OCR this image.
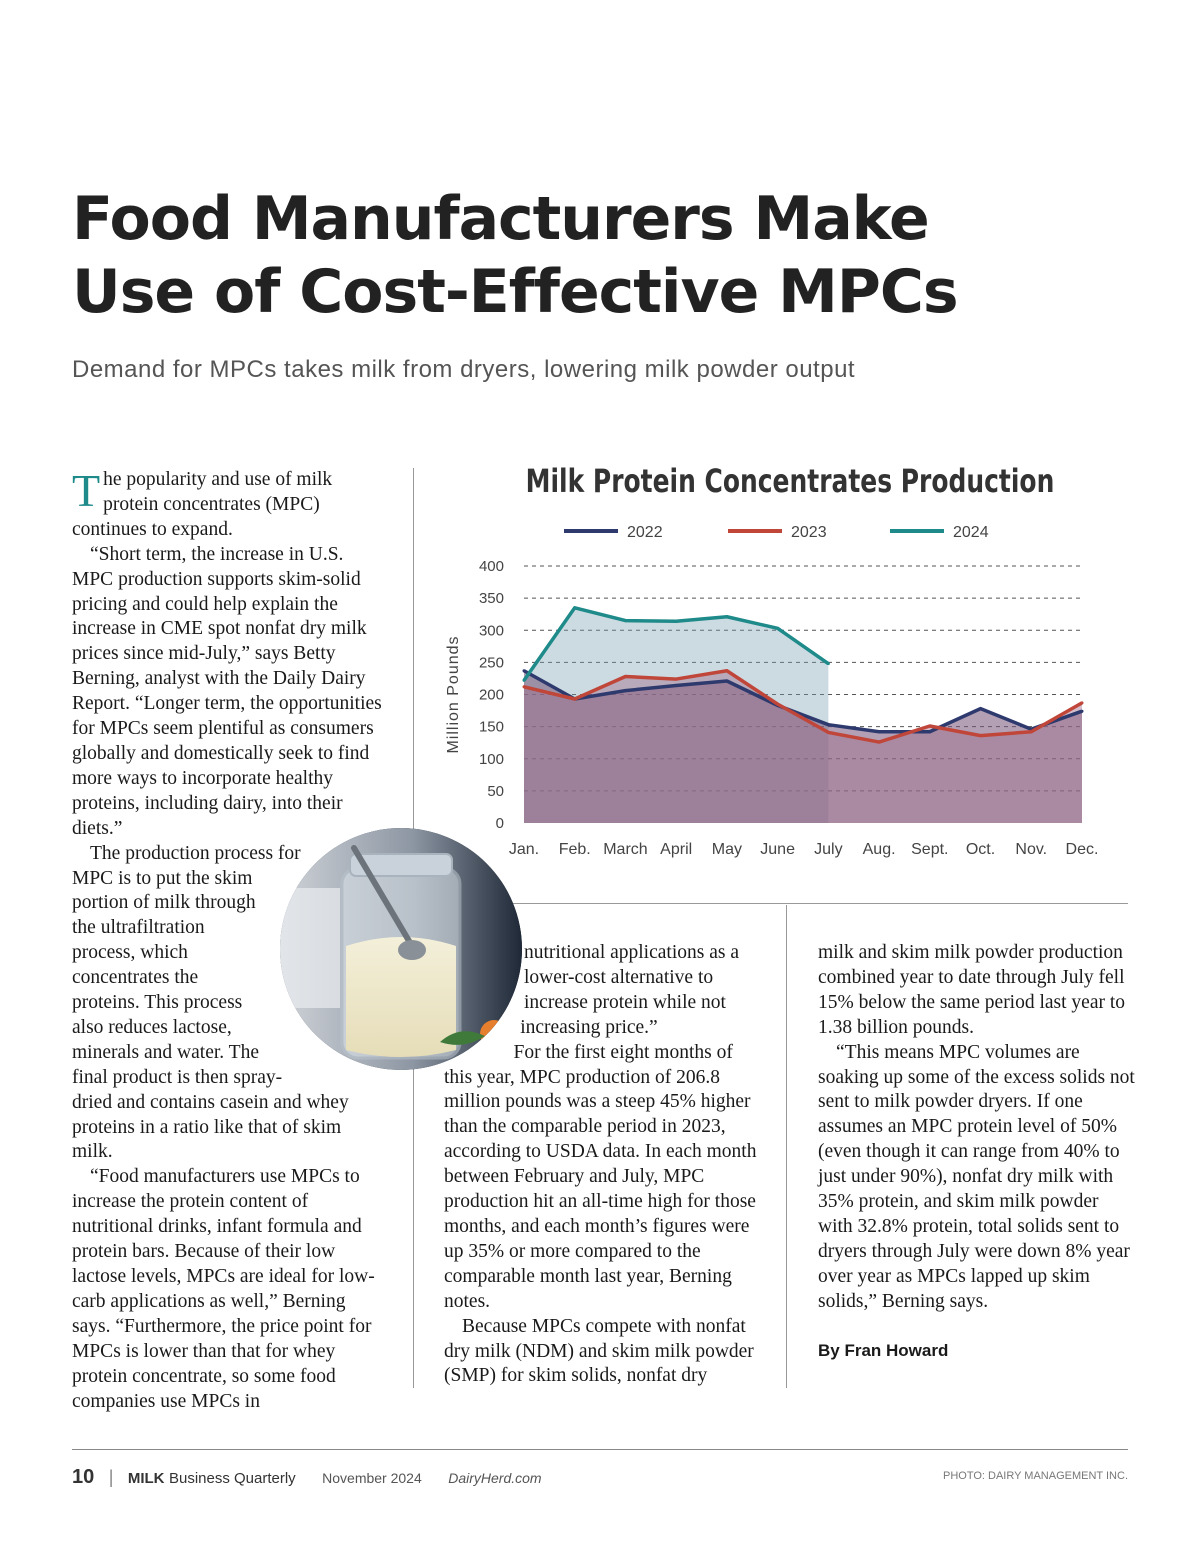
Food Manufacturers Make
Use of Cost-Effective MPCs
Demand for MPCs takes milk from dryers, lowering milk powder output

The popularity and use of milk protein concentrates (MPC) continues to expand.

“Short term, the increase in U.S. MPC production supports skim-solid pricing and could help explain the increase in CME spot nonfat dry milk prices since mid-July,” says Betty Berning, analyst with the Daily Dairy Report. “Longer term, the opportunities for MPCs seem plentiful as consumers globally and domestically seek to find more ways to incorporate healthy proteins, including dairy, into their diets.”

The production process for MPC is to put the skim portion of milk through the ultrafiltration process, which concentrates the proteins. This process also reduces lactose, minerals and water. The final product is then spray-dried and contains casein and whey proteins in a ratio like that of skim milk.

“Food manufacturers use MPCs to increase the protein content of nutritional drinks, infant formula and protein bars. Because of their low lactose levels, MPCs are ideal for low-carb applications as well,” Berning says. “Furthermore, the price point for MPCs is lower than that for whey protein concentrate, so some food companies use MPCs in

nutritional applications as a lower-cost alternative to increase protein while not increasing price.”

For the first eight months of this year, MPC production of 206.8 million pounds was a steep 45% higher than the comparable period in 2023, according to USDA data. In each month between February and July, MPC production hit an all-time high for those months, and each month’s figures were up 35% or more compared to the comparable month last year, Berning notes.

Because MPCs compete with nonfat dry milk (NDM) and skim milk powder (SMP) for skim solids, nonfat dry

milk and skim milk powder production combined year to date through July fell 15% below the same period last year to 1.38 billion pounds.

“This means MPC volumes are soaking up some of the excess solids not sent to milk powder dryers. If one assumes an MPC protein level of 50% (even though it can range from 40% to just under 90%), nonfat dry milk with 35% protein, and skim milk powder with 32.8% protein, total solids sent to dryers through July were down 8% year over year as MPCs lapped up skim solids,” Berning says.

By Fran Howard

Milk Protein Concentrates Production
2022	2023	2024
0
50
100
150
200
250
300
350
400
Million Pounds
Jan. Feb. March April May June July Aug. Sept. Oct. Nov. Dec.
10 | MILK Business Quarterly November 2024 DairyHerd.com	PHOTO: DAIRY MANAGEMENT INC.
